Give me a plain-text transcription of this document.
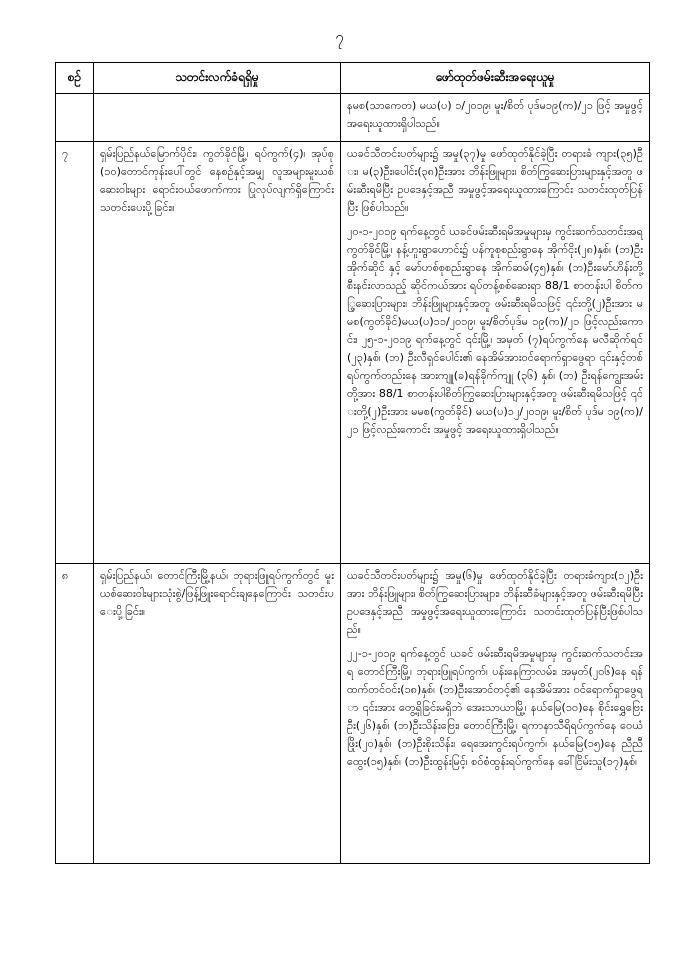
၇
စဉ်	သတင်းလက်ခံရရှိမှု	ဖော်ထုတ်ဖမ်းဆီးအရေးယူမှု

		နမစ(သာကေတ) မယ(ပ) ၁/၂၀၁၉၊ မူး/စိတ် ပုဒ်မ၁၉(က)/၂၁ ဖြင့် အမှုဖွင့်အရေးယူထားရှိပါသည်။

၇	ရှမ်းပြည်နယ်မြောက်ပိုင်း၊ ကွတ်ခိုင်မြို့၊ ရပ်ကွက်(၄)၊ အုပ်စု(၁၀)တောင်ကုန်းပေါ်တွင် နေစဉ်နှင့်အမျှ လူအများမူးယစ်ဆေးဝါးများ ရောင်းဝယ်ဖောက်ကား ပြုလုပ်လျက်ရှိကြောင်း သတင်းပေးပို့ခြင်း။	ယခင်သီတင်းပတ်များ၌ အမှု(၃၇)မှု ဖော်ထုတ်နိုင်ခဲ့ပြီး တရားခံ ကျား(၃၅)ဦး၊ မ(၃)ဦး၊ပေါင်း(၃၈)ဦးအား ဘိန်းဖြူများ၊ စိတ်ကြွဆေးပြားများနှင့်အတူ ဖမ်းဆီးရမိပြီး ဥပဒေနှင့်အညီ အမှုဖွင့်အရေးယူထားကြောင်း သတင်းထုတ်ပြန်ပြီး ဖြစ်ပါသည်။

၂၀-၁-၂၀၁၉ ရက်နေ့တွင် ယခင်ဖမ်းဆီးရမိအမှုများမှ ကွင်းဆက်သတင်းအရ ကွတ်ခိုင်မြို့၊ နန့်ဟူးရွာဟောင်း၌ ပန်ကူစုစည်းရွာနေ အိုက်ငိုး(၂၈)နှစ်၊ (ဘ)ဦးအိုက်ဆိုင် နှင့် မော်ဟစ်စုစည်းရွာနေ အိုက်ဆမ်(၄၅)နှစ်၊ (ဘ)ဦးမော်ဟိန်းတို့ စီးနင်းလာသည့် ဆိုင်ကယ်အား ရပ်တန့်စစ်ဆေးရာ 88/1 စာတန်းပါ စိတ်ကြွဆေးပြားများ၊ ဘိန်းဖြူများနှင့်အတူ ဖမ်းဆီးရမိသဖြင့် ၎င်းတို့(၂)ဦးအား မမစ(ကွတ်ခိုင်)မယ(ပ)၁၁/၂၀၁၉၊ မူး/စိတ်ပုဒ်မ ၁၉(က)/၂၁ ဖြင့်လည်းကောင်း၊ ၂၅-၁-၂၀၁၉ ရက်နေ့တွင် ၎င်းမြို့၊ အမှတ် (၇)ရပ်ကွက်နေ မလီဆိုက်ရင် (၂၃)နှစ်၊ (ဘ) ဦးလီရှင်ပေါင်း၏ နေအိမ်အားဝင်ရောက်ရှာဖွေရာ ၎င်းနှင့်တစ်ရပ်ကွက်တည်းနေ အားကျူ(ခ)ရန်ခိုက်ကျူ (၃၆) နှစ်၊ (ဘ) ဦးရန်ကျွေးအမ်း တို့အား 88/1 စာတန်းပါစိတ်ကြွဆေးပြားများနှင့်အတူ ဖမ်းဆီးရမိသဖြင့် ၎င်းတို့(၂)ဦးအား မမစ(ကွတ်ခိုင်) မယ(ပ)၁၂/၂၀၁၉၊ မူး/စိတ် ပုဒ်မ ၁၉(က)/၂၁ ဖြင့်လည်းကောင်း အမှုဖွင့် အရေးယူထားရှိပါသည်။

၈	ရှမ်းပြည်နယ်၊ တောင်ကြီးမြို့နယ်၊ ဘုရားဖြူရပ်ကွက်တွင် မူးယစ်ဆေးဝါးများသုံးစွဲ/ဖြန့်ဖြူးရောင်းချနေကြောင်း သတင်းပေးပို့ခြင်း။	ယခင်သီတင်းပတ်များ၌ အမှု(၆)မှု ဖော်ထုတ်နိုင်ခဲ့ပြီး တရားခံကျား(၁၂)ဦးအား ဘိန်းဖြူများ၊ စိတ်ကြွဆေးပြားများ၊ ဘိန်းဆီခံများနှင့်အတူ ဖမ်းဆီးရမိပြီး ဥပဒေနှင့်အညီ အမှုဖွင့်အရေးယူထားကြောင်း သတင်းထုတ်ပြန်ပြီးဖြစ်ပါသည်။

၂၂-၁-၂၀၁၉ ရက်နေ့တွင် ယခင် ဖမ်းဆီးရမိအမှုများမှ ကွင်းဆက်သတင်းအရ တောင်ကြီးမြို့၊ ဘုရားဖြူရပ်ကွက်၊ ပန်းနေကြာလမ်း၊ အမှတ်(၂၀၆)နေ ရန်ထက်တင်ဝင်း(၁၈)နှစ်၊ (ဘ)ဦးအောင်တင့်၏ နေအိမ်အား ဝင်ရောက်ရှာဖွေရာ ၎င်းအား တွေ့ရှိခြင်းမရှိဘဲ အေးသာယာမြို့၊ နယ်မြေ(၁၀)နေ စိုင်းရွှေဗြေးဦး(၂၆)နှစ်၊ (ဘ)ဦးသိန်းဗြေး၊ တောင်ကြီးမြို့၊ ရကာနာသီရိရပ်ကွက်နေ ဝေယံဖြိုး(၂၀)နှစ်၊ (ဘ)ဦးစိုးသိန်း၊ ရေအေးကွင်းရပ်ကွက်၊ နယ်မြေ(၁၅)နေ ညီညီထွေး(၁၅)နှစ်၊ (ဘ)ဦးထွန်းမြင့်၊ စဝ်စံထွန်းရပ်ကွက်နေ ခေါ်ငြိမ်းသူ(၁၇)နှစ်၊
